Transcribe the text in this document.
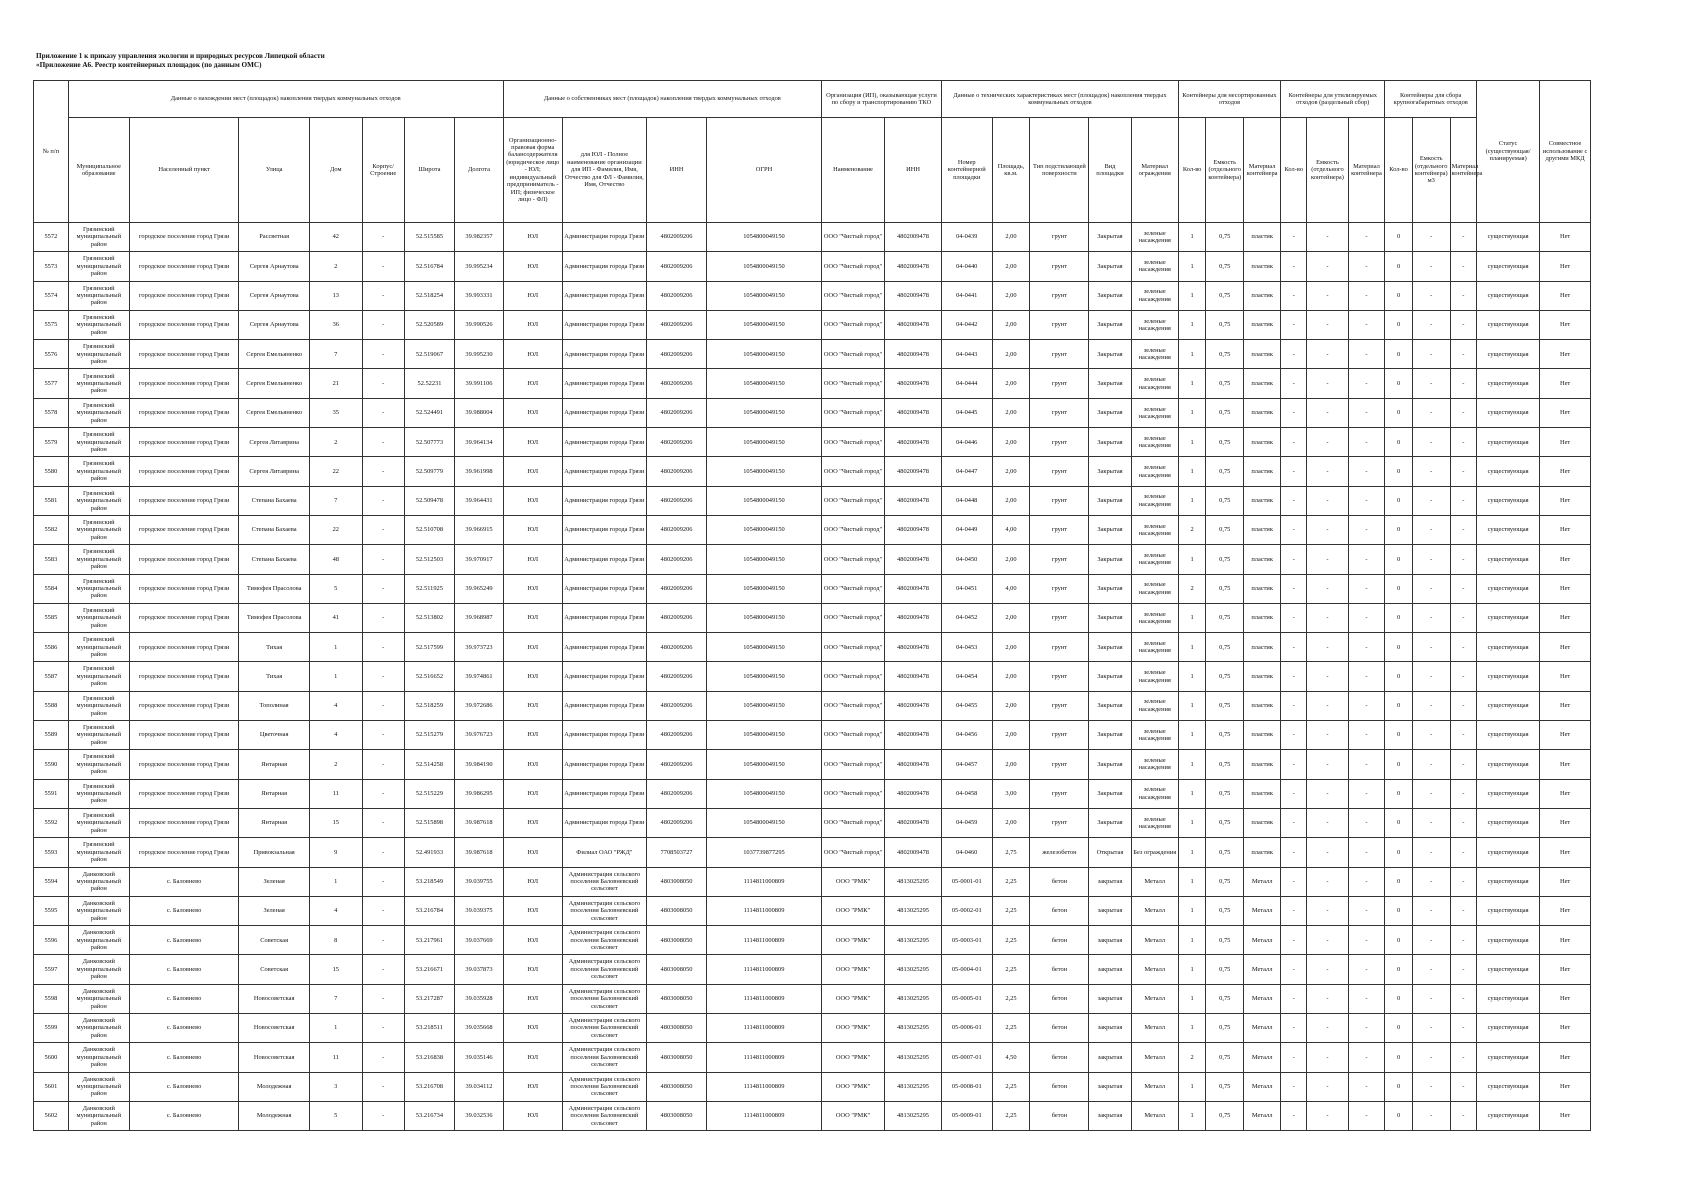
Приложение 1 к приказу управления экологии и природных ресурсов Липецкой области
«Приложение А6. Реестр контейнерных площадок (по данным ОМС)
№ п/п	Данные о нахождении мест (площадок) накопления твердых коммунальных отходов							Данные о собственниках мест (площадок) накопления твердых коммунальных отходов				Организация (ИП), оказывающая услуги по сбору и транспортированию ТКО		Данные о технических характеристиках мест (площадок) накопления твердых коммунальных отходов					Контейнеры для несортированных отходов			Контейнеры для утилизируемых отходов (раздельный сбор)			Контейнеры для сбора крупногабаритных отходов			Статус (существующая/планируемая)	Совместное использование с другими МКД
	Муниципальное образование	Населенный пункт	Улица	Дом	Корпус/Строение	Широта	Долгота	Организационно-правовая форма балансодержателя (юридическое лицо - ЮЛ; индивидуальный предприниматель - ИП; физическое лицо - ФЛ)	для ЮЛ - Полное наименование организации для ИП - Фамилия, Имя, Отчество для ФЛ - Фамилия, Имя, Отчество	ИНН	ОГРН	Наименование	ИНН	Номер контейнерной площадки	Площадь, кв.м.	Тип подстилающей поверхности	Вид площадки	Материал ограждения	Кол-во	Емкость (отдельного контейнера)	Материал контейнера	Кол-во	Емкость (отдельного контейнера)	Материал контейнера	Кол-во	Емкость (отдельного контейнера) м3	Материал контейнера		
5572	Грязинский муниципальный район	городское поселение город Грязи	Рассветная	42	-	52.515585	39.982357	ЮЛ	Администрация города Грязи	4802009206	1054800049150	ООО "Чистый город"	4802009478	04-0439	2,00	грунт	Закрытая	зеленые насаждения	1	0,75	пластик	-	-	-	0	-	-	существующая	Нет
5573	Грязинский муниципальный район	городское поселение город Грязи	Сергея Арнаутова	2	-	52.516784	39.995234	ЮЛ	Администрация города Грязи	4802009206	1054800049150	ООО "Чистый город"	4802009478	04-0440	2,00	грунт	Закрытая	зеленые насаждения	1	0,75	пластик	-	-	-	0	-	-	существующая	Нет
5574	Грязинский муниципальный район	городское поселение город Грязи	Сергея Арнаутова	13	-	52.518254	39.993331	ЮЛ	Администрация города Грязи	4802009206	1054800049150	ООО "Чистый город"	4802009478	04-0441	2,00	грунт	Закрытая	зеленые насаждения	1	0,75	пластик	-	-	-	0	-	-	существующая	Нет
5575	Грязинский муниципальный район	городское поселение город Грязи	Сергея Арнаутова	36	-	52.520589	39.990526	ЮЛ	Администрация города Грязи	4802009206	1054800049150	ООО "Чистый город"	4802009478	04-0442	2,00	грунт	Закрытая	зеленые насаждения	1	0,75	пластик	-	-	-	0	-	-	существующая	Нет
5576	Грязинский муниципальный район	городское поселение город Грязи	Сергея Емельяненко	7	-	52.519067	39.995230	ЮЛ	Администрация города Грязи	4802009206	1054800049150	ООО "Чистый город"	4802009478	04-0443	2,00	грунт	Закрытая	зеленые насаждения	1	0,75	пластик	-	-	-	0	-	-	существующая	Нет
5577	Грязинский муниципальный район	городское поселение город Грязи	Сергея Емельяненко	21	-	52.52231	39.991106	ЮЛ	Администрация города Грязи	4802009206	1054800049150	ООО "Чистый город"	4802009478	04-0444	2,00	грунт	Закрытая	зеленые насаждения	1	0,75	пластик	-	-	-	0	-	-	существующая	Нет
5578	Грязинский муниципальный район	городское поселение город Грязи	Сергея Емельяненко	35	-	52.524491	39.988004	ЮЛ	Администрация города Грязи	4802009206	1054800049150	ООО "Чистый город"	4802009478	04-0445	2,00	грунт	Закрытая	зеленые насаждения	1	0,75	пластик	-	-	-	0	-	-	существующая	Нет
5579	Грязинский муниципальный район	городское поселение город Грязи	Сергея Литаврина	2	-	52.507773	39.964134	ЮЛ	Администрация города Грязи	4802009206	1054800049150	ООО "Чистый город"	4802009478	04-0446	2,00	грунт	Закрытая	зеленые насаждения	1	0,75	пластик	-	-	-	0	-	-	существующая	Нет
5580	Грязинский муниципальный район	городское поселение город Грязи	Сергея Литаврина	22	-	52.509779	39.961998	ЮЛ	Администрация города Грязи	4802009206	1054800049150	ООО "Чистый город"	4802009478	04-0447	2,00	грунт	Закрытая	зеленые насаждения	1	0,75	пластик	-	-	-	0	-	-	существующая	Нет
5581	Грязинский муниципальный район	городское поселение город Грязи	Степана Бахаева	7	-	52.509478	39.964431	ЮЛ	Администрация города Грязи	4802009206	1054800049150	ООО "Чистый город"	4802009478	04-0448	2,00	грунт	Закрытая	зеленые насаждения	1	0,75	пластик	-	-	-	0	-	-	существующая	Нет
5582	Грязинский муниципальный район	городское поселение город Грязи	Степана Бахаева	22	-	52.510708	39.966915	ЮЛ	Администрация города Грязи	4802009206	1054800049150	ООО "Чистый город"	4802009478	04-0449	4,00	грунт	Закрытая	зеленые насаждения	2	0,75	пластик	-	-	-	0	-	-	существующая	Нет
5583	Грязинский муниципальный район	городское поселение город Грязи	Степана Бахаева	48	-	52.512503	39.970917	ЮЛ	Администрация города Грязи	4802009206	1054800049150	ООО "Чистый город"	4802009478	04-0450	2,00	грунт	Закрытая	зеленые насаждения	1	0,75	пластик	-	-	-	0	-	-	существующая	Нет
5584	Грязинский муниципальный район	городское поселение город Грязи	Тимофея Прасолова	5	-	52.511925	39.965249	ЮЛ	Администрация города Грязи	4802009206	1054800049150	ООО "Чистый город"	4802009478	04-0451	4,00	грунт	Закрытая	зеленые насаждения	2	0,75	пластик	-	-	-	0	-	-	существующая	Нет
5585	Грязинский муниципальный район	городское поселение город Грязи	Тимофея Прасолова	41	-	52.513802	39.968987	ЮЛ	Администрация города Грязи	4802009206	1054800049150	ООО "Чистый город"	4802009478	04-0452	2,00	грунт	Закрытая	зеленые насаждения	1	0,75	пластик	-	-	-	0	-	-	существующая	Нет
5586	Грязинский муниципальный район	городское поселение город Грязи	Тихая	1	-	52.517599	39.973723	ЮЛ	Администрация города Грязи	4802009206	1054800049150	ООО "Чистый город"	4802009478	04-0453	2,00	грунт	Закрытая	зеленые насаждения	1	0,75	пластик	-	-	-	0	-	-	существующая	Нет
5587	Грязинский муниципальный район	городское поселение город Грязи	Тихая	1	-	52.516652	39.974861	ЮЛ	Администрация города Грязи	4802009206	1054800049150	ООО "Чистый город"	4802009478	04-0454	2,00	грунт	Закрытая	зеленые насаждения	1	0,75	пластик	-	-	-	0	-	-	существующая	Нет
5588	Грязинский муниципальный район	городское поселение город Грязи	Тополиная	4	-	52.518259	39.972686	ЮЛ	Администрация города Грязи	4802009206	1054800049150	ООО "Чистый город"	4802009478	04-0455	2,00	грунт	Закрытая	зеленые насаждения	1	0,75	пластик	-	-	-	0	-	-	существующая	Нет
5589	Грязинский муниципальный район	городское поселение город Грязи	Цветочная	4	-	52.515279	39.976723	ЮЛ	Администрация города Грязи	4802009206	1054800049150	ООО "Чистый город"	4802009478	04-0456	2,00	грунт	Закрытая	зеленые насаждения	1	0,75	пластик	-	-	-	0	-	-	существующая	Нет
5590	Грязинский муниципальный район	городское поселение город Грязи	Янтарная	2	-	52.514258	39.984190	ЮЛ	Администрация города Грязи	4802009206	1054800049150	ООО "Чистый город"	4802009478	04-0457	2,00	грунт	Закрытая	зеленые насаждения	1	0,75	пластик	-	-	-	0	-	-	существующая	Нет
5591	Грязинский муниципальный район	городское поселение город Грязи	Янтарная	11	-	52.515229	39.986295	ЮЛ	Администрация города Грязи	4802009206	1054800049150	ООО "Чистый город"	4802009478	04-0458	3,00	грунт	Закрытая	зеленые насаждения	1	0,75	пластик	-	-	-	0	-	-	существующая	Нет
5592	Грязинский муниципальный район	городское поселение город Грязи	Янтарная	15	-	52.515898	39.987618	ЮЛ	Администрация города Грязи	4802009206	1054800049150	ООО "Чистый город"	4802009478	04-0459	2,00	грунт	Закрытая	зеленые насаждения	1	0,75	пластик	-	-	-	0	-	-	существующая	Нет
5593	Грязинский муниципальный район	городское поселение город Грязи	Привокзальная	9	-	52.491933	39.987618	ЮЛ	Филиал ОАО "РЖД"	7708503727	1037739877295	ООО "Чистый город"	4802009478	04-0460	2,75	железобетон	Открытая	Без ограждения	1	0,75	пластик	-	-	-	0	-	-	существующая	Нет
5594	Данковский муниципальный район	с. Баловнево	Зеленая	1	-	53.218549	39.039755	ЮЛ	Администрация сельского поселения Баловневский сельсовет	4803008050	1114811000809	ООО "РМК"	4813025295	05-0001-01	2,25	бетон	закрытая	Металл	1	0,75	Металл	-	-	-	0	-	-	существующая	Нет
5595	Данковский муниципальный район	с. Баловнево	Зеленая	4	-	53.216784	39.039375	ЮЛ	Администрация сельского поселения Баловневский сельсовет	4803008050	1114811000809	ООО "РМК"	4813025295	05-0002-01	2,25	бетон	закрытая	Металл	1	0,75	Металл	-	-	-	0	-	-	существующая	Нет
5596	Данковский муниципальный район	с. Баловнево	Советская	8	-	53.217961	39.037669	ЮЛ	Администрация сельского поселения Баловневский сельсовет	4803008050	1114811000809	ООО "РМК"	4813025295	05-0003-01	2,25	бетон	закрытая	Металл	1	0,75	Металл	-	-	-	0	-	-	существующая	Нет
5597	Данковский муниципальный район	с. Баловнево	Советская	15	-	53.216671	39.037873	ЮЛ	Администрация сельского поселения Баловневский сельсовет	4803008050	1114811000809	ООО "РМК"	4813025295	05-0004-01	2,25	бетон	закрытая	Металл	1	0,75	Металл	-	-	-	0	-	-	существующая	Нет
5598	Данковский муниципальный район	с. Баловнево	Новосоветская	7	-	53.217287	39.035928	ЮЛ	Администрация сельского поселения Баловневский сельсовет	4803008050	1114811000809	ООО "РМК"	4813025295	05-0005-01	2,25	бетон	закрытая	Металл	1	0,75	Металл	-	-	-	0	-	-	существующая	Нет
5599	Данковский муниципальный район	с. Баловнево	Новосоветская	1	-	53.218511	39.035668	ЮЛ	Администрация сельского поселения Баловневский сельсовет	4803008050	1114811000809	ООО "РМК"	4813025295	05-0006-01	2,25	бетон	закрытая	Металл	1	0,75	Металл	-	-	-	0	-	-	существующая	Нет
5600	Данковский муниципальный район	с. Баловнево	Новосоветская	11	-	53.216838	39.035146	ЮЛ	Администрация сельского поселения Баловневский сельсовет	4803008050	1114811000809	ООО "РМК"	4813025295	05-0007-01	4,50	бетон	закрытая	Металл	2	0,75	Металл	-	-	-	0	-	-	существующая	Нет
5601	Данковский муниципальный район	с. Баловнево	Молодежная	3	-	53.216708	39.034112	ЮЛ	Администрация сельского поселения Баловневский сельсовет	4803008050	1114811000809	ООО "РМК"	4813025295	05-0008-01	2,25	бетон	закрытая	Металл	1	0,75	Металл	-	-	-	0	-	-	существующая	Нет
5602	Данковский муниципальный район	с. Баловнево	Молодежная	5	-	53.216734	39.032536	ЮЛ	Администрация сельского поселения Баловневский сельсовет	4803008050	1114811000809	ООО "РМК"	4813025295	05-0009-01	2,25	бетон	закрытая	Металл	1	0,75	Металл	-	-	-	0	-	-	существующая	Нет
